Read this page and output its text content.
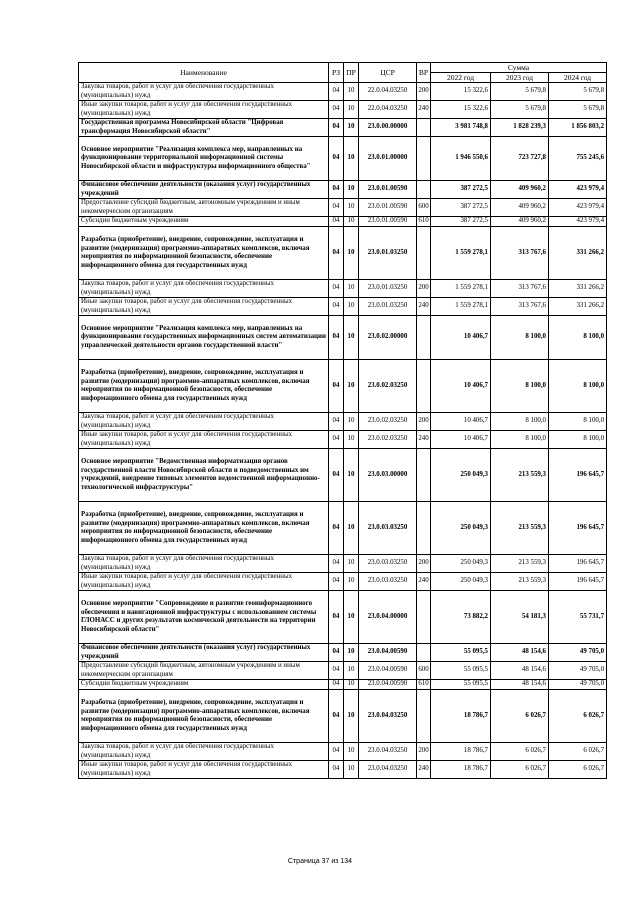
Наименование	РЗ	ПР	ЦСР	ВР	Сумма		
					2022 год	2023 год	2024 год
Закупка товаров, работ и услуг для обеспечения государственных (муниципальных) нужд	04	10	22.0.04.03250	200	15 322,6	5 679,8	5 679,8
Иные закупки товаров, работ и услуг для обеспечения государственных (муниципальных) нужд	04	10	22.0.04.03250	240	15 322,6	5 679,8	5 679,8
Государственная программа Новосибирской области "Цифровая трансформация Новосибирской области"	04	10	23.0.00.00000		3 981 748,8	1 828 239,3	1 856 803,2
Основное мероприятие "Реализация комплекса мер, направленных на функционирование территориальной информационной системы Новосибирской области и инфраструктуры информационного общества"	04	10	23.0.01.00000		1 946 550,6	723 727,8	755 245,6
Финансовое обеспечение деятельности (оказания услуг) государственных учреждений	04	10	23.0.01.00590		387 272,5	409 960,2	423 979,4
Предоставление субсидий бюджетным, автономным учреждениям и иным некоммерческим организациям	04	10	23.0.01.00590	600	387 272,5	409 960,2	423 979,4
Субсидии бюджетным учреждениям	04	10	23.0.01.00590	610	387 272,5	409 960,2	423 979,4
Разработка (приобретение), внедрение, сопровождение, эксплуатация и развитие (модернизация) программно-аппаратных комплексов, включая мероприятия по информационной безопасности, обеспечение информационного обмена для государственных нужд	04	10	23.0.01.03250		1 559 278,1	313 767,6	331 266,2
Закупка товаров, работ и услуг для обеспечения государственных (муниципальных) нужд	04	10	23.0.01.03250	200	1 559 278,1	313 767,6	331 266,2
Иные закупки товаров, работ и услуг для обеспечения государственных (муниципальных) нужд	04	10	23.0.01.03250	240	1 559 278,1	313 767,6	331 266,2
Основное мероприятие "Реализация комплекса мер, направленных на функционирование государственных информационных систем автоматизации управленческой деятельности органов государственной власти"	04	10	23.0.02.00000		10 406,7	8 100,0	8 100,0
Разработка (приобретение), внедрение, сопровождение, эксплуатация и развитие (модернизация) программно-аппаратных комплексов, включая мероприятия по информационной безопасности, обеспечение информационного обмена для государственных нужд	04	10	23.0.02.03250		10 406,7	8 100,0	8 100,0
Закупка товаров, работ и услуг для обеспечения государственных (муниципальных) нужд	04	10	23.0.02.03250	200	10 406,7	8 100,0	8 100,0
Иные закупки товаров, работ и услуг для обеспечения государственных (муниципальных) нужд	04	10	23.0.02.03250	240	10 406,7	8 100,0	8 100,0
Основное мероприятие "Ведомственная информатизация органов государственной власти Новосибирской области и подведомственных им учреждений, внедрение типовых элементов ведомственной информационно-технологической инфраструктуры"	04	10	23.0.03.00000		250 049,3	213 559,3	196 645,7
Разработка (приобретение), внедрение, сопровождение, эксплуатация и развитие (модернизация) программно-аппаратных комплексов, включая мероприятия по информационной безопасности, обеспечение информационного обмена для государственных нужд	04	10	23.0.03.03250		250 049,3	213 559,3	196 645,7
Закупка товаров, работ и услуг для обеспечения государственных (муниципальных) нужд	04	10	23.0.03.03250	200	250 049,3	213 559,3	196 645,7
Иные закупки товаров, работ и услуг для обеспечения государственных (муниципальных) нужд	04	10	23.0.03.03250	240	250 049,3	213 559,3	196 645,7
Основное мероприятие "Сопровождение и развитие геоинформационного обеспечения и навигационной инфраструктуры с использованием системы ГЛОНАСС и других результатов космической деятельности на территории Новосибирской области"	04	10	23.0.04.00000		73 882,2	54 181,3	55 731,7
Финансовое обеспечение деятельности (оказания услуг) государственных учреждений	04	10	23.0.04.00590		55 095,5	48 154,6	49 705,0
Предоставление субсидий бюджетным, автономным учреждениям и иным некоммерческим организациям	04	10	23.0.04.00590	600	55 095,5	48 154,6	49 705,0
Субсидии бюджетным учреждениям	04	10	23.0.04.00590	610	55 095,5	48 154,6	49 705,0
Разработка (приобретение), внедрение, сопровождение, эксплуатация и развитие (модернизация) программно-аппаратных комплексов, включая мероприятия по информационной безопасности, обеспечение информационного обмена для государственных нужд	04	10	23.0.04.03250		18 786,7	6 026,7	6 026,7
Закупка товаров, работ и услуг для обеспечения государственных (муниципальных) нужд	04	10	23.0.04.03250	200	18 786,7	6 026,7	6 026,7
Иные закупки товаров, работ и услуг для обеспечения государственных (муниципальных) нужд	04	10	23.0.04.03250	240	18 786,7	6 026,7	6 026,7
Страница 37 из 134
